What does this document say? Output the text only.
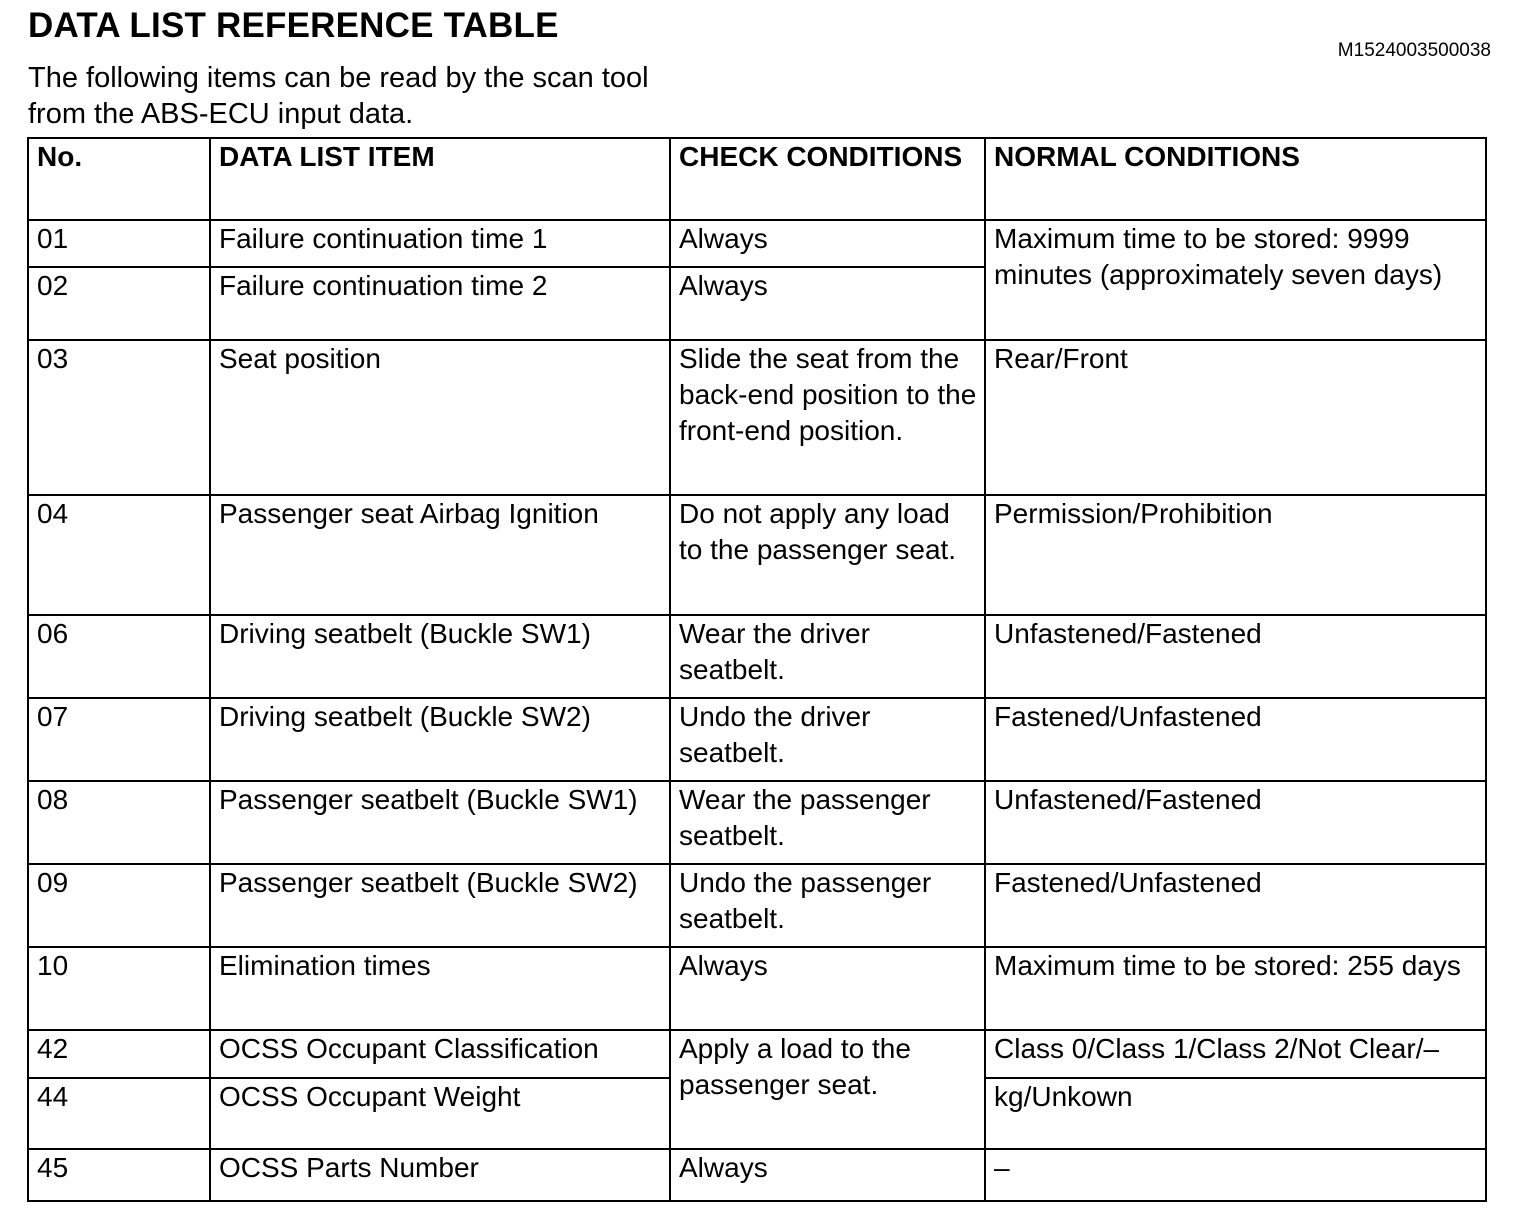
DATA LIST REFERENCE TABLE
M1524003500038

The following items can be read by the scan tool from the ABS-ECU input data.

No.	DATA LIST ITEM	CHECK CONDITIONS	NORMAL CONDITIONS
01	Failure continuation time 1	Always	Maximum time to be stored: 9999 minutes (approximately seven days)
02	Failure continuation time 2	Always	
03	Seat position	Slide the seat from the back-end position to the front-end position.	Rear/Front
04	Passenger seat Airbag Ignition	Do not apply any load to the passenger seat.	Permission/Prohibition
06	Driving seatbelt (Buckle SW1)	Wear the driver seatbelt.	Unfastened/Fastened
07	Driving seatbelt (Buckle SW2)	Undo the driver seatbelt.	Fastened/Unfastened
08	Passenger seatbelt (Buckle SW1)	Wear the passenger seatbelt.	Unfastened/Fastened
09	Passenger seatbelt (Buckle SW2)	Undo the passenger seatbelt.	Fastened/Unfastened
10	Elimination times	Always	Maximum time to be stored: 255 days
42	OCSS Occupant Classification	Apply a load to the passenger seat.	Class 0/Class 1/Class 2/Not Clear/–
44	OCSS Occupant Weight		kg/Unkown
45	OCSS Parts Number	Always	–
